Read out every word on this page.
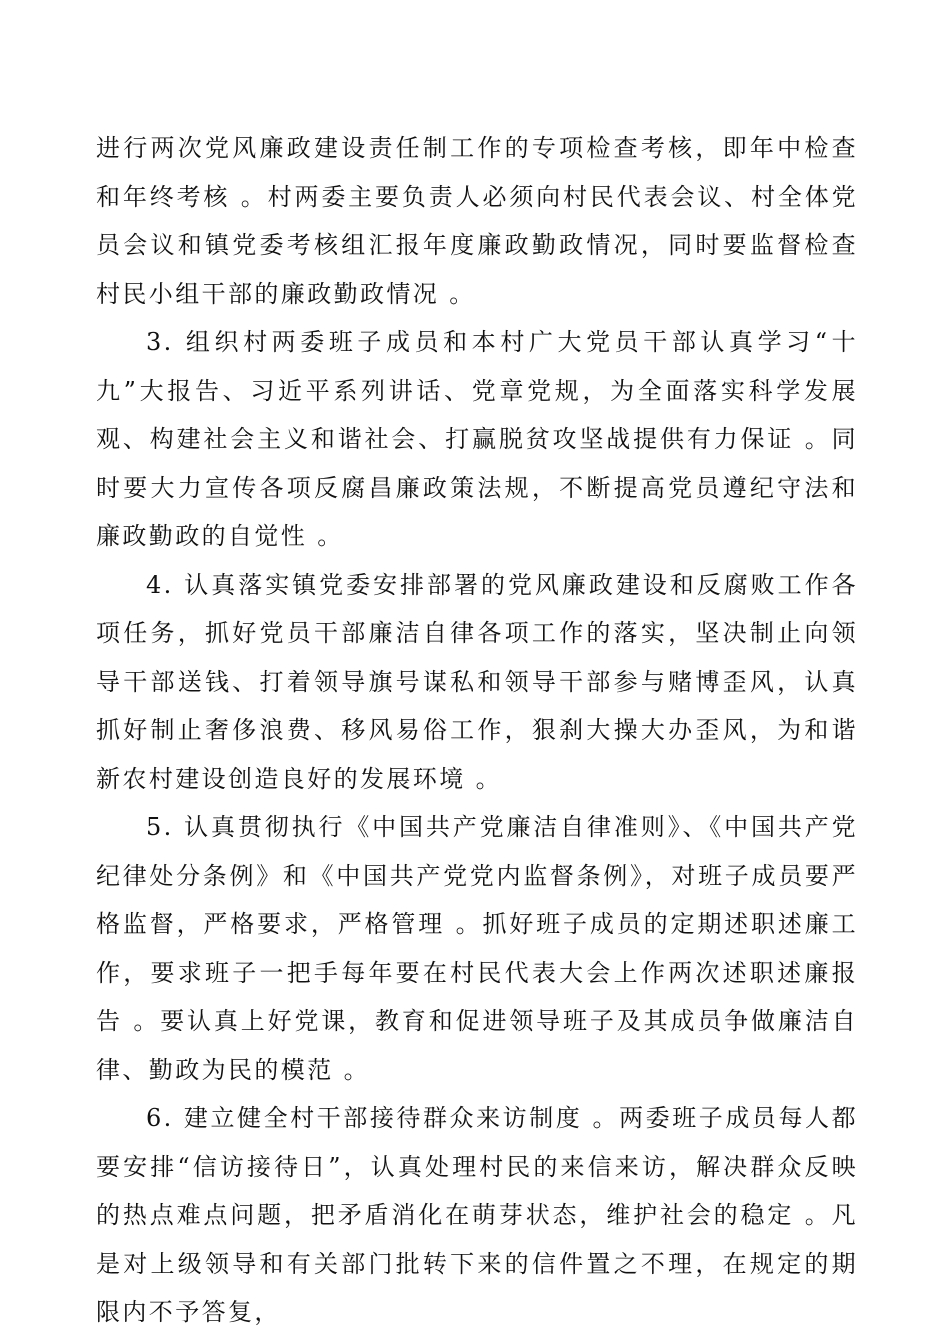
进行两次党风廉政建设责任制工作的专项检查考核，即年中检查和年终考核 。村两委主要负责人必须向村民代表会议、村全体党员会议和镇党委考核组汇报年度廉政勤政情况，同时要监督检查村民小组干部的廉政勤政情况 。

3. 组织村两委班子成员和本村广大党员干部认真学习“十九”大报告、习近平系列讲话、党章党规，为全面落实科学发展观、构建社会主义和谐社会、打赢脱贫攻坚战提供有力保证 。同时要大力宣传各项反腐昌廉政策法规，不断提高党员遵纪守法和廉政勤政的自觉性 。

4. 认真落实镇党委安排部署的党风廉政建设和反腐败工作各项任务，抓好党员干部廉洁自律各项工作的落实，坚决制止向领导干部送钱、打着领导旗号谋私和领导干部参与赌博歪风，认真抓好制止奢侈浪费、移风易俗工作，狠刹大操大办歪风，为和谐新农村建设创造良好的发展环境 。

5. 认真贯彻执行《中国共产党廉洁自律准则》、《中国共产党纪律处分条例》和《中国共产党党内监督条例》，对班子成员要严格监督，严格要求，严格管理 。抓好班子成员的定期述职述廉工作，要求班子一把手每年要在村民代表大会上作两次述职述廉报告 。要认真上好党课，教育和促进领导班子及其成员争做廉洁自律、勤政为民的模范 。

6. 建立健全村干部接待群众来访制度 。两委班子成员每人都要安排“信访接待日”，认真处理村民的来信来访，解决群众反映的热点难点问题，把矛盾消化在萌芽状态，维护社会的稳定 。凡是对上级领导和有关部门批转下来的信件置之不理，在规定的期限内不予答复，
